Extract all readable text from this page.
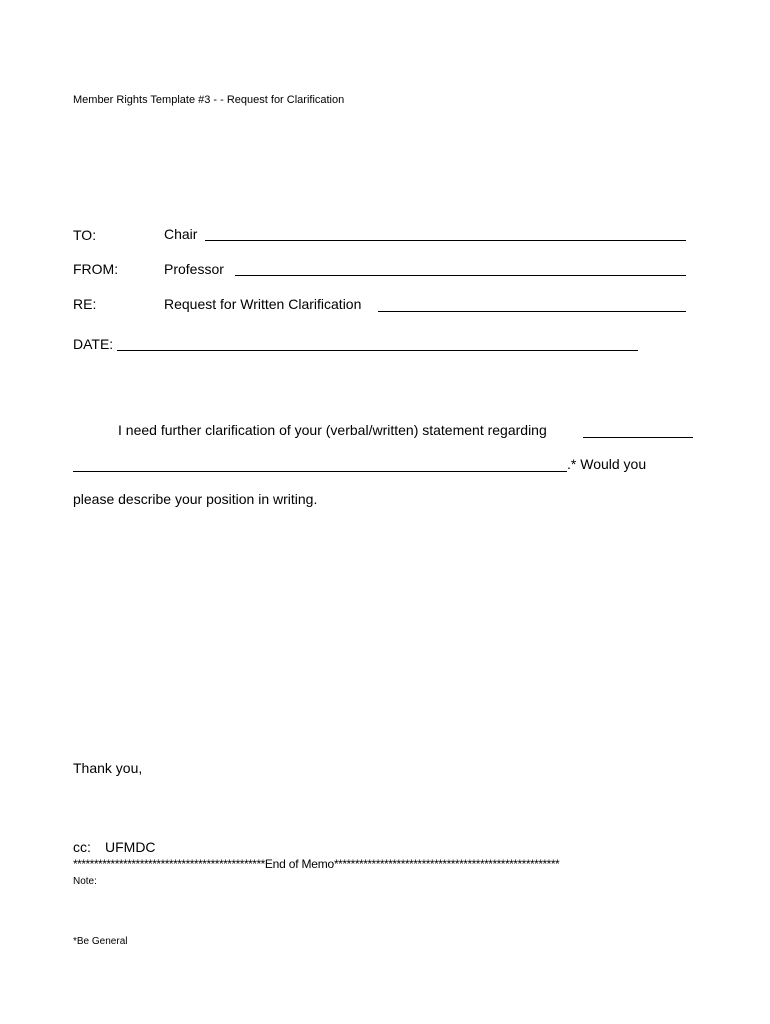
Member Rights Template #3 - - Request for Clarification
TO:	Chair
FROM:	Professor
RE:	Request for Written Clarification
DATE:
I need further clarification of your (verbal/written) statement regarding
.* Would you
please describe your position in writing.
Thank you,
cc: UFMDC
**********************************************End of Memo******************************************************
Note:
*Be General
